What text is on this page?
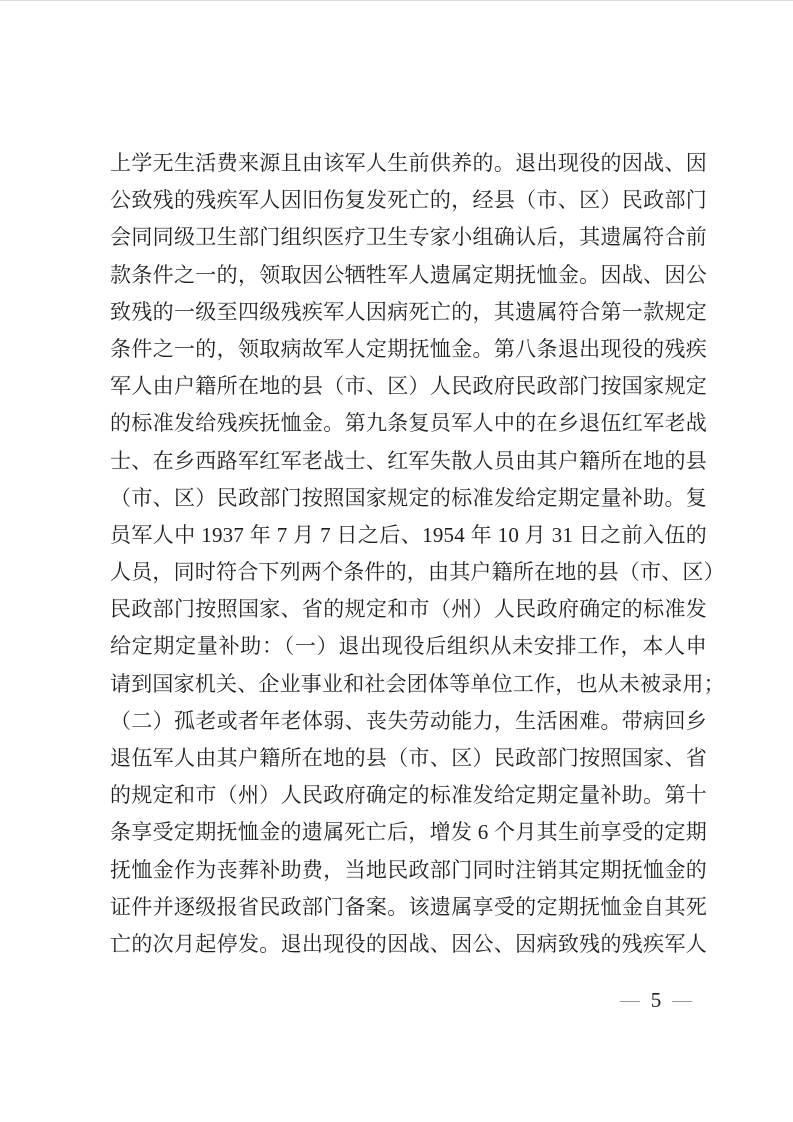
上学无生活费来源且由该军人生前供养的。退出现役的因战、因
公致残的残疾军人因旧伤复发死亡的，经县（市、区）民政部门
会同同级卫生部门组织医疗卫生专家小组确认后，其遗属符合前
款条件之一的，领取因公牺牲军人遗属定期抚恤金。因战、因公
致残的一级至四级残疾军人因病死亡的，其遗属符合第一款规定
条件之一的，领取病故军人定期抚恤金。第八条退出现役的残疾
军人由户籍所在地的县（市、区）人民政府民政部门按国家规定
的标准发给残疾抚恤金。第九条复员军人中的在乡退伍红军老战
士、在乡西路军红军老战士、红军失散人员由其户籍所在地的县
（市、区）民政部门按照国家规定的标准发给定期定量补助。复
员军人中 1937 年 7 月 7 日之后、1954 年 10 月 31 日之前入伍的
人员，同时符合下列两个条件的，由其户籍所在地的县（市、区）
民政部门按照国家、省的规定和市（州）人民政府确定的标准发
给定期定量补助：（一）退出现役后组织从未安排工作，本人申
请到国家机关、企业事业和社会团体等单位工作，也从未被录用；
（二）孤老或者年老体弱、丧失劳动能力，生活困难。带病回乡
退伍军人由其户籍所在地的县（市、区）民政部门按照国家、省
的规定和市（州）人民政府确定的标准发给定期定量补助。第十
条享受定期抚恤金的遗属死亡后，增发 6 个月其生前享受的定期
抚恤金作为丧葬补助费，当地民政部门同时注销其定期抚恤金的
证件并逐级报省民政部门备案。该遗属享受的定期抚恤金自其死
亡的次月起停发。退出现役的因战、因公、因病致残的残疾军人
— 5 —
